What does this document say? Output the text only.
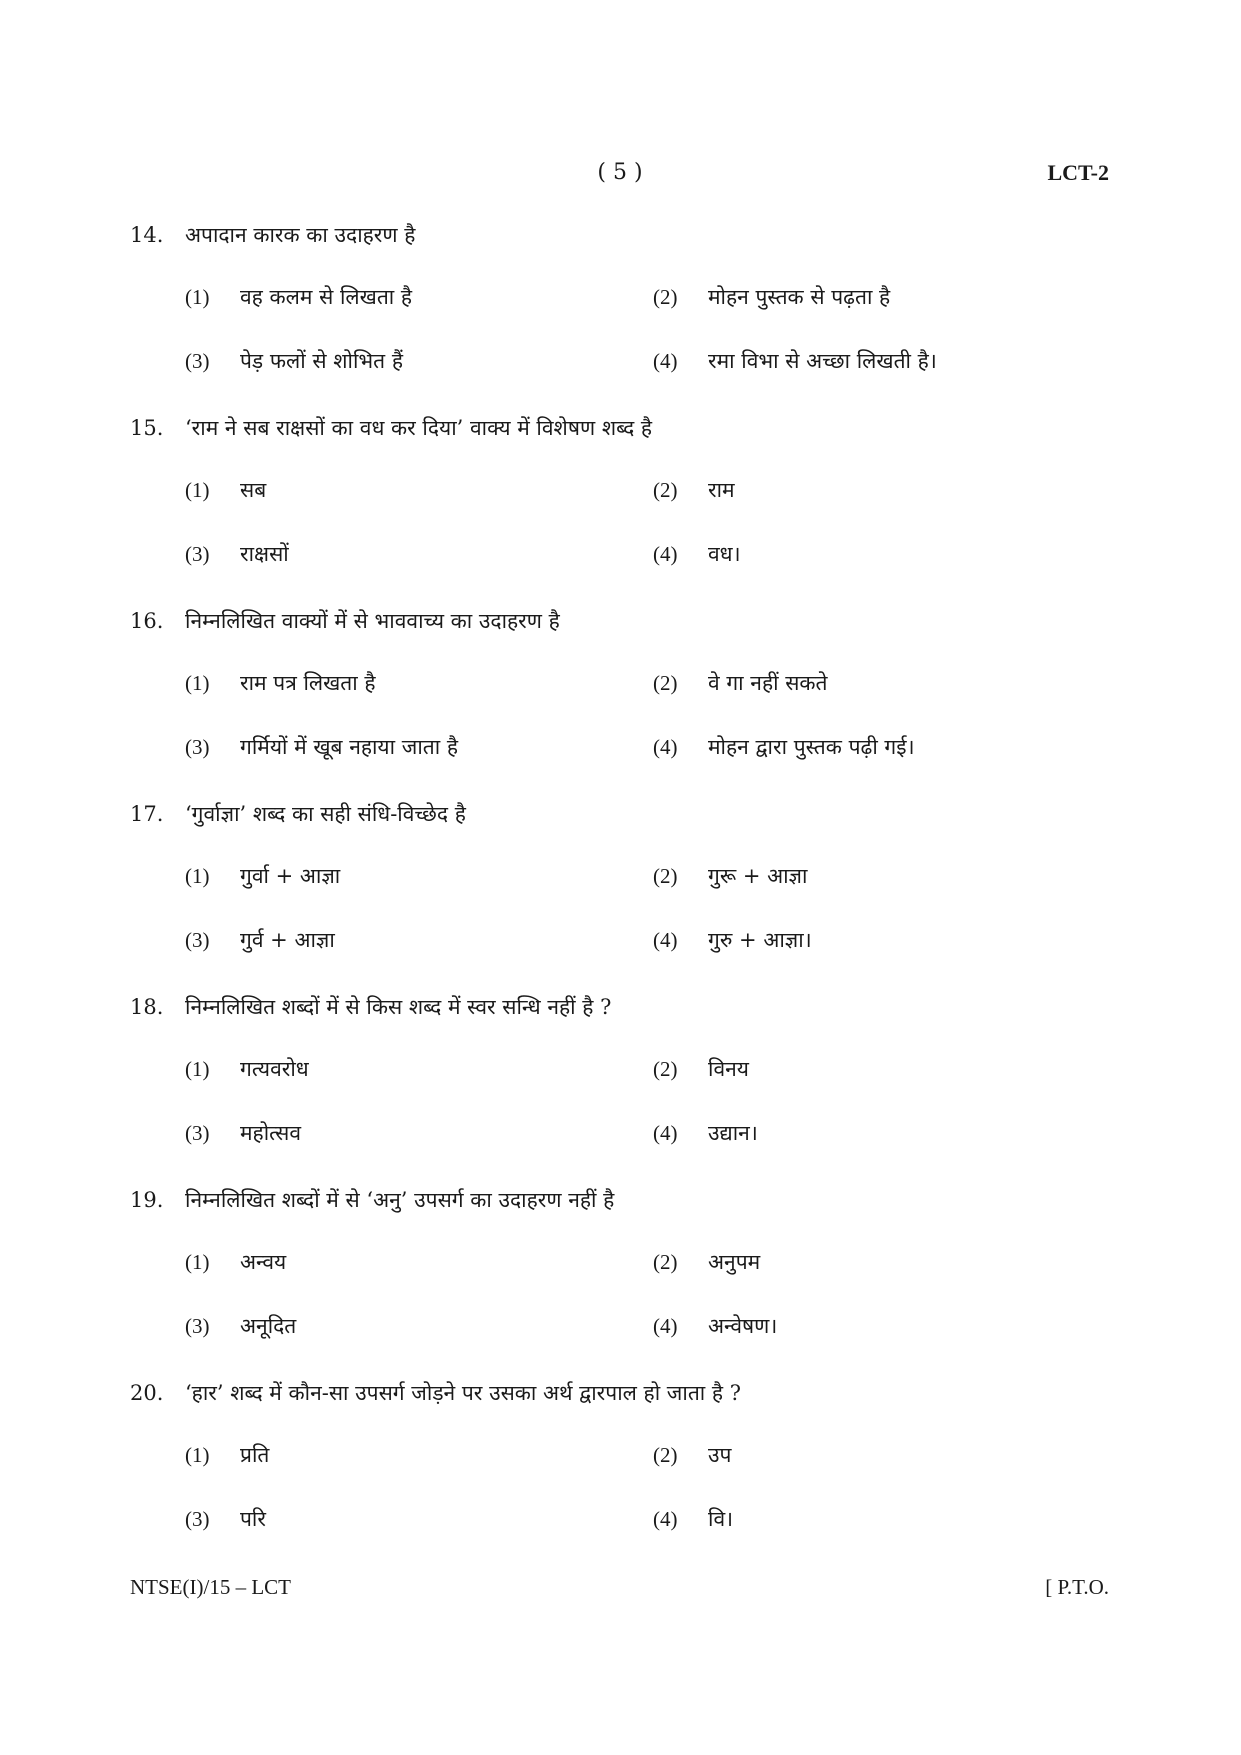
( 5 )	LCT-2
14. अपादान कारक का उदाहरण है
(1) वह कलम से लिखता है	(2) मोहन पुस्तक से पढ़ता है
(3) पेड़ फलों से शोभित हैं	(4) रमा विभा से अच्छा लिखती है।
15. ‘राम ने सब राक्षसों का वध कर दिया’ वाक्य में विशेषण शब्द है
(1) सब	(2) राम
(3) राक्षसों	(4) वध।
16. निम्नलिखित वाक्यों में से भाववाच्य का उदाहरण है
(1) राम पत्र लिखता है	(2) वे गा नहीं सकते
(3) गर्मियों में खूब नहाया जाता है	(4) मोहन द्वारा पुस्तक पढ़ी गई।
17. ‘गुर्वाज्ञा’ शब्द का सही संधि-विच्छेद है
(1) गुर्वा + आज्ञा	(2) गुरू + आज्ञा
(3) गुर्व + आज्ञा	(4) गुरु + आज्ञा।
18. निम्नलिखित शब्दों में से किस शब्द में स्वर सन्धि नहीं है ?
(1) गत्यवरोध	(2) विनय
(3) महोत्सव	(4) उद्यान।
19. निम्नलिखित शब्दों में से ‘अनु’ उपसर्ग का उदाहरण नहीं है
(1) अन्वय	(2) अनुपम
(3) अनूदित	(4) अन्वेषण।
20. ‘हार’ शब्द में कौन-सा उपसर्ग जोड़ने पर उसका अर्थ द्वारपाल हो जाता है ?
(1) प्रति	(2) उप
(3) परि	(4) वि।
NTSE(I)/15 – LCT	[ P.T.O.
